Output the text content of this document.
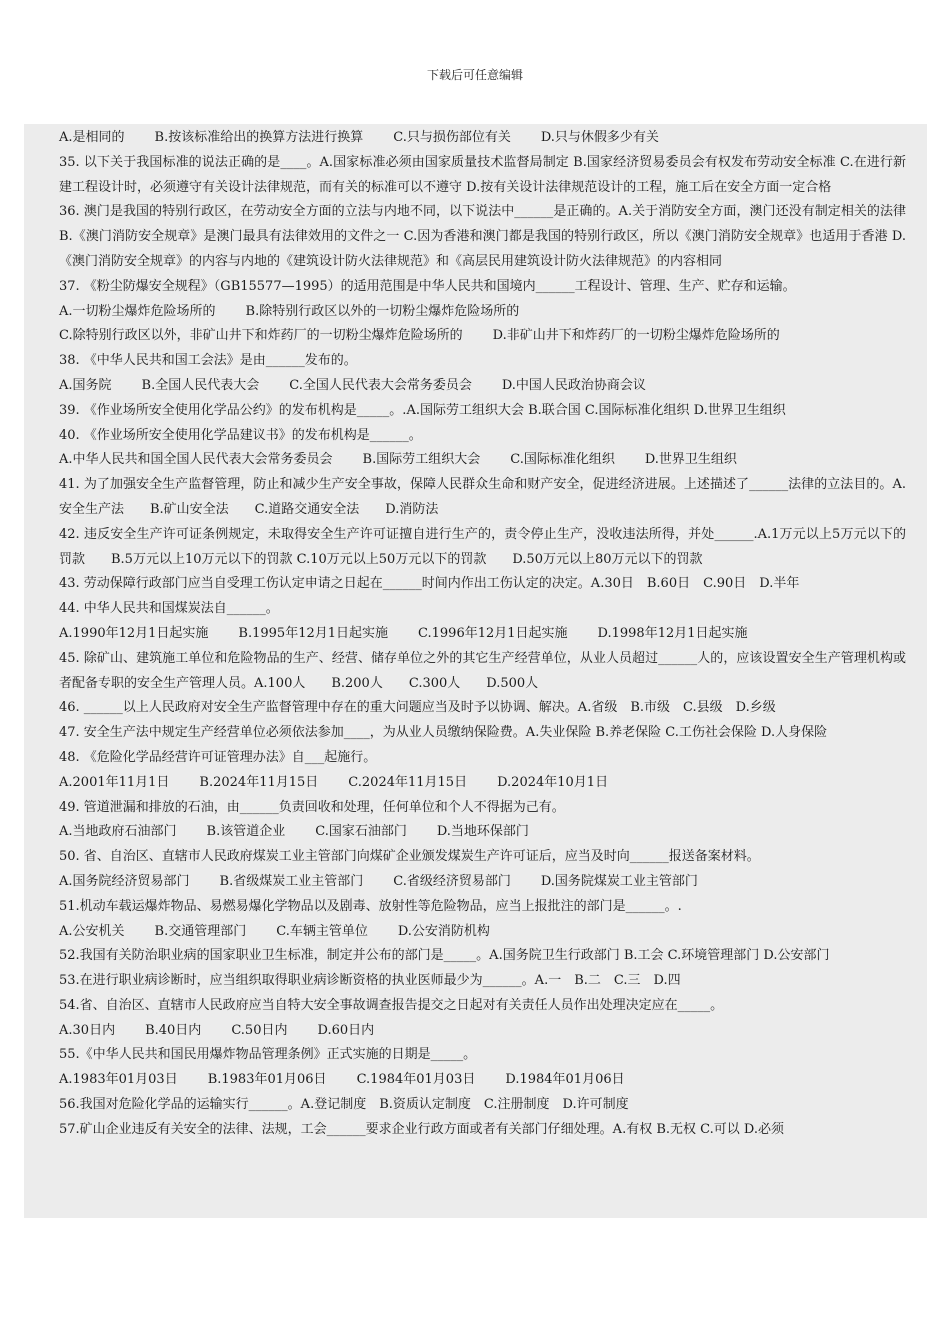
下载后可任意编辑
A.是相同的 B.按该标准给出的换算方法进行换算 C.只与损伤部位有关 D.只与休假多少有关
35. 以下关于我国标准的说法正确的是____。A.国家标准必须由国家质量技术监督局制定 B.国家经济贸易委员会有权发布劳动安全标准 C.在进行新建工程设计时，必须遵守有关设计法律规范，而有关的标准可以不遵守 D.按有关设计法律规范设计的工程，施工后在安全方面一定合格
36. 澳门是我国的特别行政区，在劳动安全方面的立法与内地不同，以下说法中______是正确的。A.关于消防安全方面，澳门还没有制定相关的法律 B.《澳门消防安全规章》是澳门最具有法律效用的文件之一 C.因为香港和澳门都是我国的特别行政区，所以《澳门消防安全规章》也适用于香港 D.《澳门消防安全规章》的内容与内地的《建筑设计防火法律规范》和《高层民用建筑设计防火法律规范》的内容相同
37. 《粉尘防爆安全规程》（GB15577—1995）的适用范围是中华人民共和国境内______工程设计、管理、生产、贮存和运输。
A.一切粉尘爆炸危险场所的 B.除特别行政区以外的一切粉尘爆炸危险场所的
C.除特别行政区以外，非矿山井下和炸药厂的一切粉尘爆炸危险场所的 D.非矿山井下和炸药厂的一切粉尘爆炸危险场所的
38. 《中华人民共和国工会法》是由______发布的。
A.国务院 B.全国人民代表大会 C.全国人民代表大会常务委员会 D.中国人民政治协商会议
39. 《作业场所安全使用化学品公约》的发布机构是_____。.A.国际劳工组织大会 B.联合国 C.国际标准化组织 D.世界卫生组织
40. 《作业场所安全使用化学品建议书》的发布机构是______。
A.中华人民共和国全国人民代表大会常务委员会 B.国际劳工组织大会 C.国际标准化组织 D.世界卫生组织
41. 为了加强安全生产监督管理，防止和减少生产安全事故，保障人民群众生命和财产安全，促进经济进展。上述描述了______法律的立法目的。A.安全生产法　　B.矿山安全法　　C.道路交通安全法　　D.消防法
42. 违反安全生产许可证条例规定，未取得安全生产许可证擅自进行生产的，责令停止生产，没收违法所得，并处______.A.1万元以上5万元以下的罚款　　B.5万元以上10万元以下的罚款 C.10万元以上50万元以下的罚款　　D.50万元以上80万元以下的罚款
43. 劳动保障行政部门应当自受理工伤认定申请之日起在______时间内作出工伤认定的决定。A.30日　B.60日　C.90日　D.半年
44. 中华人民共和国煤炭法自______。
A.1990年12月1日起实施 B.1995年12月1日起实施 C.1996年12月1日起实施 D.1998年12月1日起实施
45. 除矿山、建筑施工单位和危险物品的生产、经营、储存单位之外的其它生产经营单位，从业人员超过______人的，应该设置安全生产管理机构或者配备专职的安全生产管理人员。A.100人　　B.200人　　C.300人　　D.500人
46. ______以上人民政府对安全生产监督管理中存在的重大问题应当及时予以协调、解决。A.省级　B.市级　C.县级　D.乡级
47. 安全生产法中规定生产经营单位必须依法参加____，为从业人员缴纳保险费。A.失业保险 B.养老保险 C.工伤社会保险 D.人身保险
48. 《危险化学品经营许可证管理办法》自___起施行。
A.2001年11月1日 B.2024年11月15日 C.2024年11月15日 D.2024年10月1日
49. 管道泄漏和排放的石油，由______负责回收和处理，任何单位和个人不得据为己有。
A.当地政府石油部门 B.该管道企业 C.国家石油部门 D.当地环保部门
50. 省、自治区、直辖市人民政府煤炭工业主管部门向煤矿企业颁发煤炭生产许可证后，应当及时向______报送备案材料。
A.国务院经济贸易部门 B.省级煤炭工业主管部门 C.省级经济贸易部门 D.国务院煤炭工业主管部门
51.机动车载运爆炸物品、易燃易爆化学物品以及剧毒、放射性等危险物品，应当上报批注的部门是______。.
A.公安机关 B.交通管理部门 C.车辆主管单位 D.公安消防机构
52.我国有关防治职业病的国家职业卫生标准，制定并公布的部门是_____。A.国务院卫生行政部门 B.工会 C.环境管理部门 D.公安部门
53.在进行职业病诊断时，应当组织取得职业病诊断资格的执业医师最少为______。A.一　B.二　C.三　D.四
54.省、自治区、直辖市人民政府应当自特大安全事故调查报告提交之日起对有关责任人员作出处理决定应在_____。
A.30日内 B.40日内 C.50日内 D.60日内
55.《中华人民共和国民用爆炸物品管理条例》正式实施的日期是_____。
A.1983年01月03日 B.1983年01月06日 C.1984年01月03日 D.1984年01月06日
56.我国对危险化学品的运输实行______。A.登记制度　B.资质认定制度　C.注册制度　D.许可制度
57.矿山企业违反有关安全的法律、法规，工会______要求企业行政方面或者有关部门仔细处理。A.有权 B.无权 C.可以 D.必须
